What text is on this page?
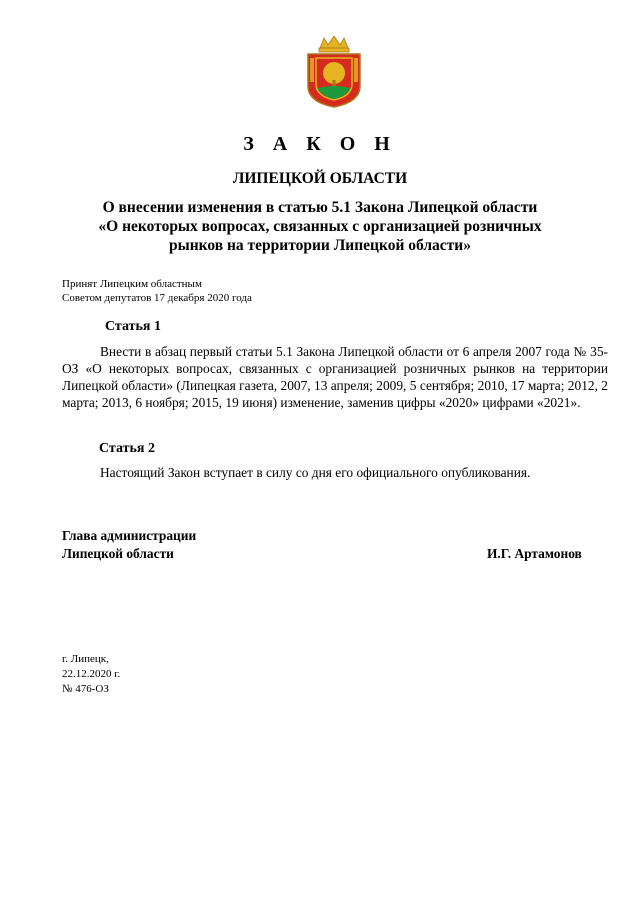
З А К О Н
ЛИПЕЦКОЙ ОБЛАСТИ
О внесении изменения в статью 5.1 Закона Липецкой области
«О некоторых вопросах, связанных с организацией розничных
рынков на территории Липецкой области»
Принят Липецким областным
Советом депутатов 17 декабря 2020 года
Статья 1
Внести в абзац первый статьи 5.1 Закона Липецкой области от 6 апреля 2007 года № 35-ОЗ «О некоторых вопросах, связанных с организацией розничных рынков на территории Липецкой области» (Липецкая газета, 2007, 13 апреля; 2009, 5 сентября; 2010, 17 марта; 2012, 2 марта; 2013, 6 ноября; 2015, 19 июня) изменение, заменив цифры «2020» цифрами «2021».
Статья 2
Настоящий Закон вступает в силу со дня его официального опубликования.
Глава администрации
Липецкой области	И.Г. Артамонов
г. Липецк,
22.12.2020 г.
№ 476-ОЗ
